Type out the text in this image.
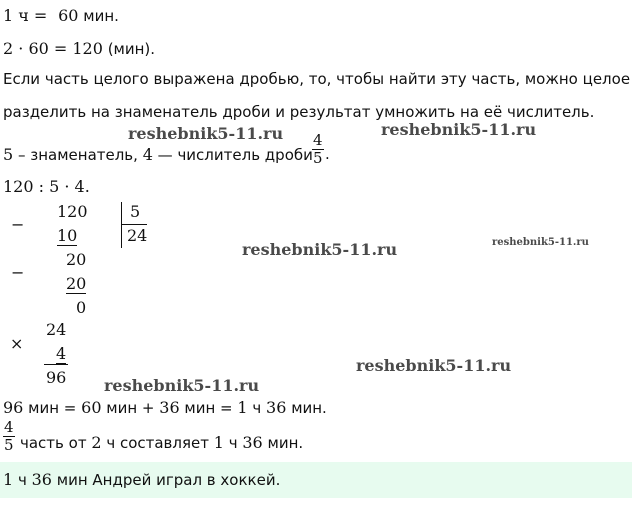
1 ч = 60 мин.
2 · 60 = 120 (мин).
Если часть целого выражена дробью, то, чтобы найти эту часть, можно целое
разделить на знаменатель дроби и результат умножить на её числитель.
reshebnik5-11.ru	reshebnik5-11.ru
5 – знаменатель, 4 — числитель дроби $\frac{4}{5}$ .
120 : 5 · 4.
−
120
10
−
20
20
0
5
24
reshebnik5-11.ru	reshebnik5-11.ru
×
24
4
96
reshebnik5-11.ru
reshebnik5-11.ru
96 мин = 60 мин + 36 мин = 1 ч 36 мин.
$\frac{4}{5}$ часть от 2 ч составляет 1 ч 36 мин.
1 ч 36 мин Андрей играл в хоккей.
